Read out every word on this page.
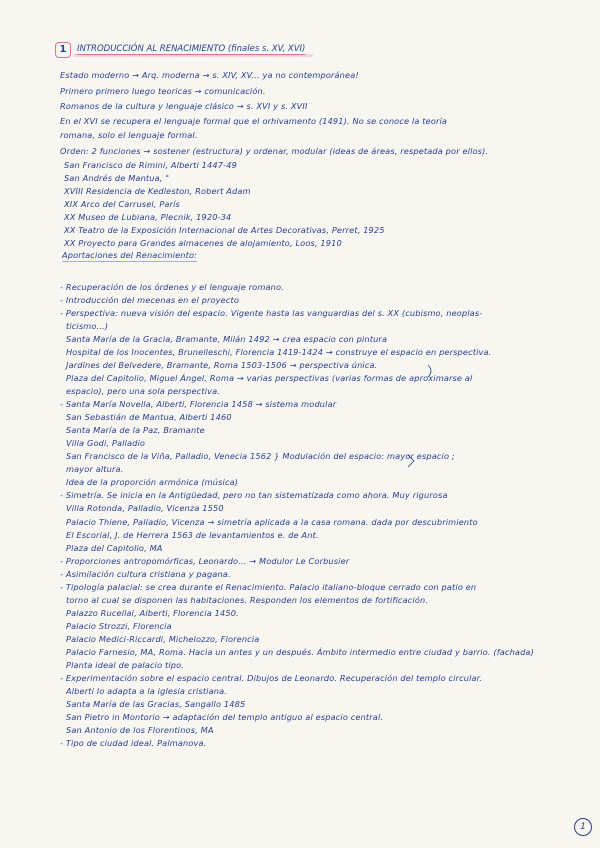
1	INTRODUCCIÓN AL RENACIMIENTO (finales s. XV, XVI)
Estado moderno → Arq. moderna → s. XIV, XV... ya no contemporánea!
Primero primero luego teoricas → comunicación.
Romanos de la cultura y lenguaje clásico → s. XVI y s. XVII
En el XVI se recupera el lenguaje formal que el orhivamento (1491). No se conoce la teoría
romana, solo el lenguaje formal.
Orden: 2 funciones → sostener (estructura) y ordenar, modular (ideas de áreas, respetada por ellos).
San Francisco de Rimini, Alberti 1447-49
San Andrés de Mantua, "
XVIII Residencia de Kedleston, Robert Adam
XIX Arco del Carrusel, París
XX Museo de Lubiana, Plecnik, 1920-34
XX Teatro de la Exposición Internacional de Artes Decorativas, Perret, 1925
XX Proyecto para Grandes almacenes de alojamiento, Loos, 1910
Aportaciones del Renacimiento:
- Recuperación de los órdenes y el lenguaje romano.
- Introducción del mecenas en el proyecto
- Perspectiva: nueva visión del espacio. Vigente hasta las vanguardias del s. XX (cubismo, neoplas-
ticismo...)
Santa María de la Gracia, Bramante, Milán 1492 → crea espacio con pintura
Hospital de los Inocentes, Brunelleschi, Florencia 1419-1424 → construye el espacio en perspectiva.
Jardines del Belvedere, Bramante, Roma 1503-1506 → perspectiva única.
Plaza del Capitolio, Miguel Ángel, Roma → varias perspectivas (varias formas de aproximarse al
espacio), pero una sola perspectiva.
- Santa María Novella, Alberti, Florencia 1458 → sistema modular
San Sebastián de Mantua, Alberti 1460
Santa María de la Paz, Bramante
Villa Godi, Palladio
San Francisco de la Viña, Palladio, Venecia 1562 } Modulación del espacio: mayor espacio ;
mayor altura.
Idea de la proporción armónica (música)
- Simetría. Se inicia en la Antigüedad, pero no tan sistematizada como ahora. Muy rigurosa
Villa Rotonda, Palladio, Vicenza 1550
Palacio Thiene, Palladio, Vicenza → simetría aplicada a la casa romana. dada por descubrimiento
El Escorial, J. de Herrera 1563 de levantamientos e. de Ant.
Plaza del Capitolio, MA
- Proporciones antropomórficas, Leonardo... → Modulor Le Corbusier
- Asimilación cultura cristiana y pagana.
- Tipología palacial: se crea durante el Renacimiento. Palacio italiano-bloque cerrado con patio en
torno al cual se disponen las habitaciones. Responden los elementos de fortificación.
Palazzo Rucellai, Alberti, Florencia 1450.
Palacio Strozzi, Florencia
Palacio Medici-Riccardi, Michelozzo, Florencia
Palacio Farnesio, MA, Roma. Hacia un antes y un después. Ámbito intermedio entre ciudad y barrio. (fachada)
Planta ideal de palacio tipo.
- Experimentación sobre el espacio central. Dibujos de Leonardo. Recuperación del templo circular.
Alberti lo adapta a la iglesia cristiana.
Santa María de las Gracias, Sangallo 1485
San Pietro in Montorio → adaptación del templo antiguo al espacio central.
San Antonio de los Florentinos, MA
- Tipo de ciudad ideal. Palmanova.
1
